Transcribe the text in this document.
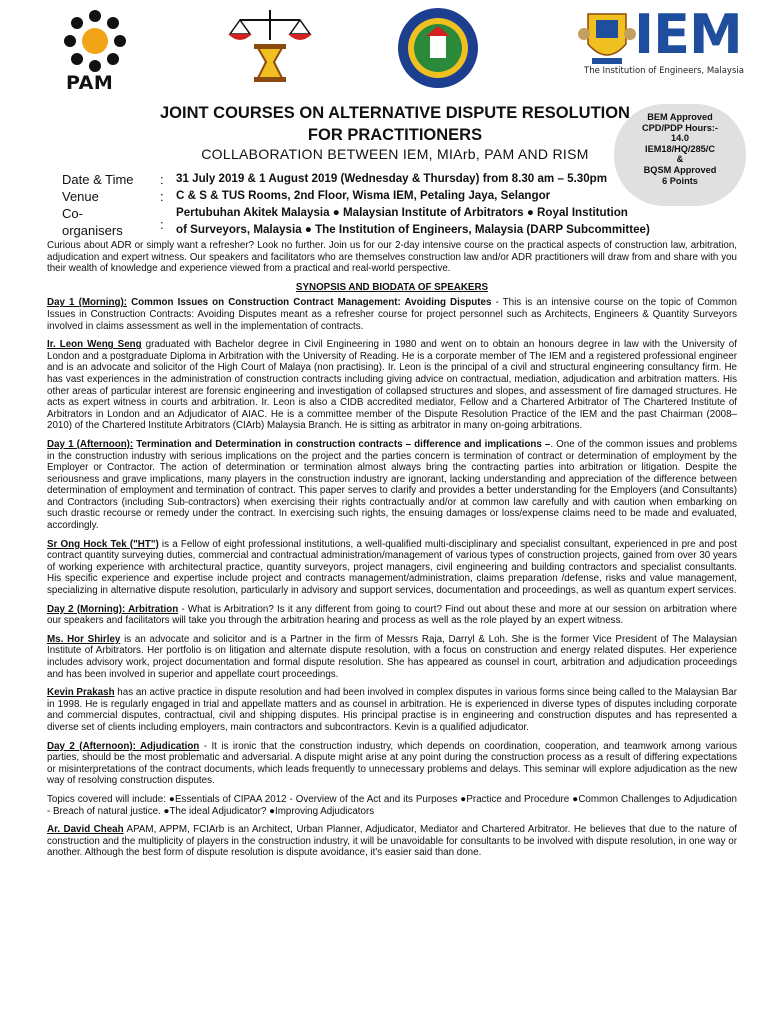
PAM
IEM
The Institution of Engineers, Malaysia
BEM Approved
CPD/PDP Hours:-
14.0
IEM18/HQ/285/C
&
BQSM Approved
6 Points
JOINT COURSES ON ALTERNATIVE DISPUTE RESOLUTION
FOR PRACTITIONERS
COLLABORATION BETWEEN IEM, MIArb, PAM AND RISM
Date & Time	: 31 July 2019 & 1 August 2019 (Wednesday & Thursday) from 8.30 am – 5.30pm
Venue	: C & S & TUS Rooms, 2nd Floor, Wisma IEM, Petaling Jaya, Selangor
Co-	Pertubuhan Akitek Malaysia ● Malaysian Institute of Arbitrators ● Royal Institution
organisers	: of Surveyors, Malaysia ● The Institution of Engineers, Malaysia (DARP Subcommittee)

Curious about ADR or simply want a refresher? Look no further. Join us for our 2-day intensive course on the practical aspects of construction law, arbitration, adjudication and expert witness. Our speakers and facilitators who are themselves construction law and/or ADR practitioners will draw from and share with you their wealth of knowledge and experience viewed from a practical and real-world perspective.

SYNOPSIS AND BIODATA OF SPEAKERS

Day 1 (Morning): Common Issues on Construction Contract Management: Avoiding Disputes - This is an intensive course on the topic of Common Issues in Construction Contracts: Avoiding Disputes meant as a refresher course for project personnel such as Architects, Engineers & Quantity Surveyors involved in claims assessment as well in the implementation of contracts.

Ir. Leon Weng Seng graduated with Bachelor degree in Civil Engineering in 1980 and went on to obtain an honours degree in law with the University of London and a postgraduate Diploma in Arbitration with the University of Reading. He is a corporate member of The IEM and a registered professional engineer and is an advocate and solicitor of the High Court of Malaya (non practising). Ir. Leon is the principal of a civil and structural engineering consultancy firm. He has vast experiences in the administration of construction contracts including giving advice on contractual, mediation, adjudication and arbitration matters. His other areas of particular interest are forensic engineering and investigation of collapsed structures and slopes, and assessment of fire damaged structures. He acts as expert witness in courts and arbitration. Ir. Leon is also a CIDB accredited mediator, Fellow and a Chartered Arbitrator of The Chartered Institute of Arbitrators in London and an Adjudicator of AIAC. He is a committee member of the Dispute Resolution Practice of the IEM and the past Chairman (2008–2010) of the Chartered Institute Arbitrators (CIArb) Malaysia Branch. He is sitting as arbitrator in many on-going arbitrations.

Day 1 (Afternoon): Termination and Determination in construction contracts – difference and implications –. One of the common issues and problems in the construction industry with serious implications on the project and the parties concern is termination of contract or determination of employment by the Employer or Contractor. The action of determination or termination almost always bring the contracting parties into arbitration or litigation. Despite the seriousness and grave implications, many players in the construction industry are ignorant, lacking understanding and appreciation of the difference between determination of employment and termination of contract. This paper serves to clarify and provides a better understanding for the Employers (and Consultants) and Contractors (including Sub-contractors) when exercising their rights contractually and/or at common law carefully and with caution when embarking on such drastic recourse or remedy under the contract. In exercising such rights, the ensuing damages or loss/expense claims need to be made and evaluated, accordingly.

Sr Ong Hock Tek ("HT") is a Fellow of eight professional institutions, a well-qualified multi-disciplinary and specialist consultant, experienced in pre and post contract quantity surveying duties, commercial and contractual administration/management of various types of construction projects, gained from over 30 years of working experience with architectural practice, quantity surveyors, project managers, civil engineering and building contractors and specialist consultants. His specific experience and expertise include project and contracts management/administration, claims preparation /defense, risks and value management, specializing in alternative dispute resolution, particularly in advisory and support services, documentation and proceedings, as well as quantum expert services.

Day 2 (Morning): Arbitration - What is Arbitration? Is it any different from going to court? Find out about these and more at our session on arbitration where our speakers and facilitators will take you through the arbitration hearing and process as well as the role played by an expert witness.

Ms. Hor Shirley is an advocate and solicitor and is a Partner in the firm of Messrs Raja, Darryl & Loh. She is the former Vice President of The Malaysian Institute of Arbitrators. Her portfolio is on litigation and alternate dispute resolution, with a focus on construction and energy related disputes. Her experience includes advisory work, project documentation and formal dispute resolution. She has appeared as counsel in court, arbitration and adjudication proceedings and has been involved in superior and appellate court proceedings.

Kevin Prakash has an active practice in dispute resolution and had been involved in complex disputes in various forms since being called to the Malaysian Bar in 1998. He is regularly engaged in trial and appellate matters and as counsel in arbitration. He is experienced in diverse types of disputes including corporate and commercial disputes, contractual, civil and shipping disputes. His principal practise is in engineering and construction disputes and has represented a diverse set of clients including employers, main contractors and subcontractors. Kevin is a qualified adjudicator.

Day 2 (Afternoon): Adjudication - It is ironic that the construction industry, which depends on coordination, cooperation, and teamwork among various parties, should be the most problematic and adversarial. A dispute might arise at any point during the construction process as a result of differing expectations or misinterpretations of the contract documents, which leads frequently to unnecessary problems and delays. This seminar will explore adjudication as the new way of resolving construction disputes.

Topics covered will include: ●Essentials of CIPAA 2012 - Overview of the Act and its Purposes ●Practice and Procedure ●Common Challenges to Adjudication - Breach of natural justice. ●The ideal Adjudicator? ●Improving Adjudicators

Ar. David Cheah APAM, APPM, FCIArb is an Architect, Urban Planner, Adjudicator, Mediator and Chartered Arbitrator. He believes that due to the nature of construction and the multiplicity of players in the construction industry, it will be unavoidable for consultants to be involved with dispute resolution, in one way or another. Although the best form of dispute resolution is dispute avoidance, it's easier said than done.
